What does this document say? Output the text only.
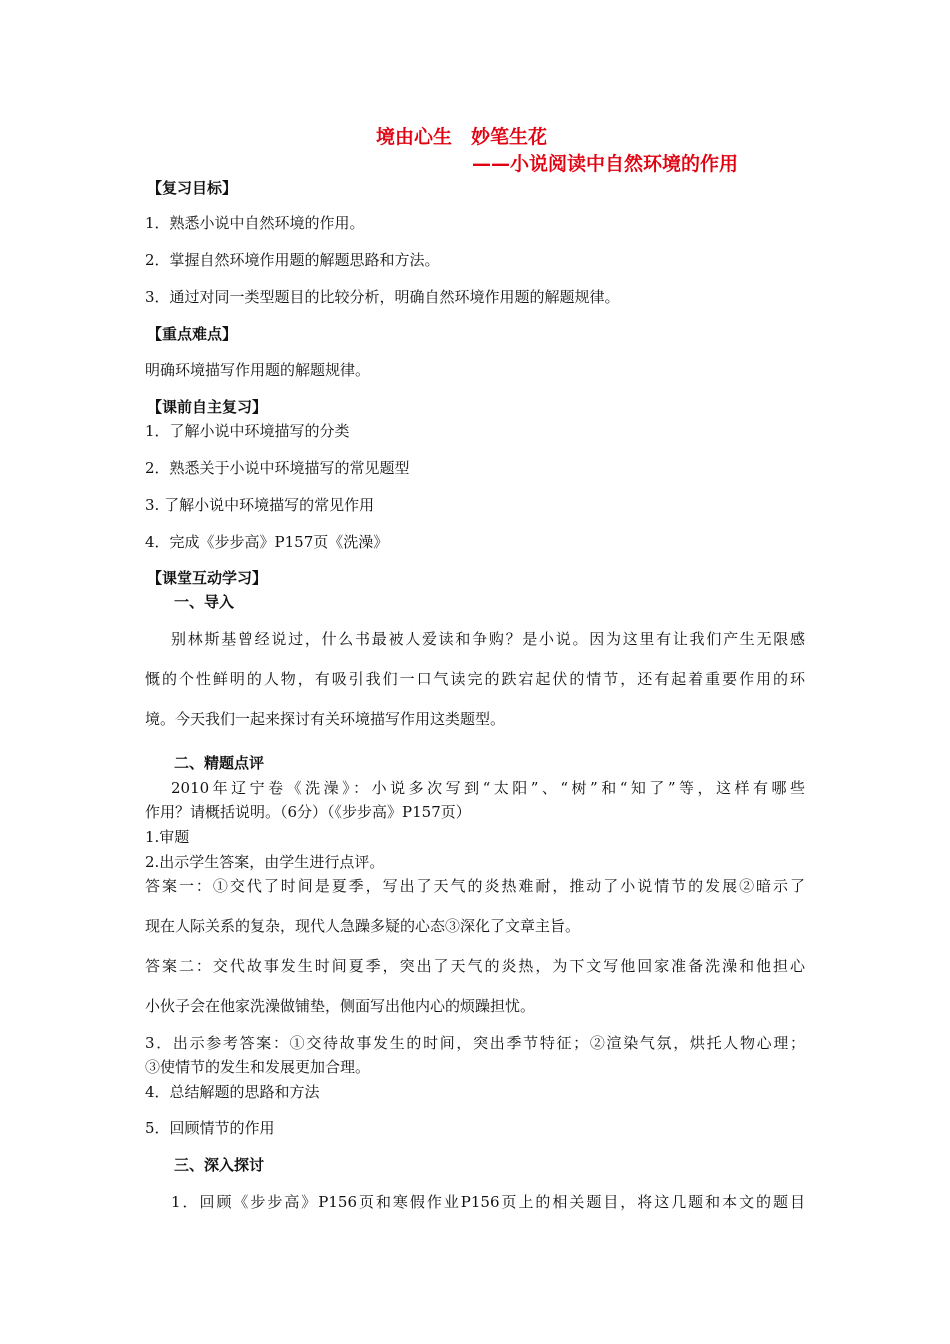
境由心生　妙笔生花
——小说阅读中自然环境的作用
【复习目标】
1．熟悉小说中自然环境的作用。
2．掌握自然环境作用题的解题思路和方法。
3．通过对同一类型题目的比较分析，明确自然环境作用题的解题规律。
【重点难点】
明确环境描写作用题的解题规律。
【课前自主复习】
1．了解小说中环境描写的分类
2．熟悉关于小说中环境描写的常见题型
3. 了解小说中环境描写的常见作用
4．完成《步步高》P157页《洗澡》
【课堂互动学习】
一、导入
别林斯基曾经说过，什么书最被人爱读和争购？是小说。因为这里有让我们产生无限感
慨的个性鲜明的人物，有吸引我们一口气读完的跌宕起伏的情节，还有起着重要作用的环
境。今天我们一起来探讨有关环境描写作用这类题型。
二、精题点评
2010年辽宁卷《洗澡》：小说多次写到“太阳”、“树”和“知了”等，这样有哪些
作用？请概括说明。（6分）（《步步高》P157页）
1.审题
2.出示学生答案，由学生进行点评。
答案一：①交代了时间是夏季，写出了天气的炎热难耐，推动了小说情节的发展②暗示了
现在人际关系的复杂，现代人急躁多疑的心态③深化了文章主旨。
答案二：交代故事发生时间夏季，突出了天气的炎热，为下文写他回家准备洗澡和他担心
小伙子会在他家洗澡做铺垫，侧面写出他内心的烦躁担忧。
3．出示参考答案：①交待故事发生的时间，突出季节特征；②渲染气氛，烘托人物心理；
③使情节的发生和发展更加合理。
4．总结解题的思路和方法
5．回顾情节的作用
三、深入探讨
1．回顾《步步高》P156页和寒假作业P156页上的相关题目，将这几题和本文的题目
